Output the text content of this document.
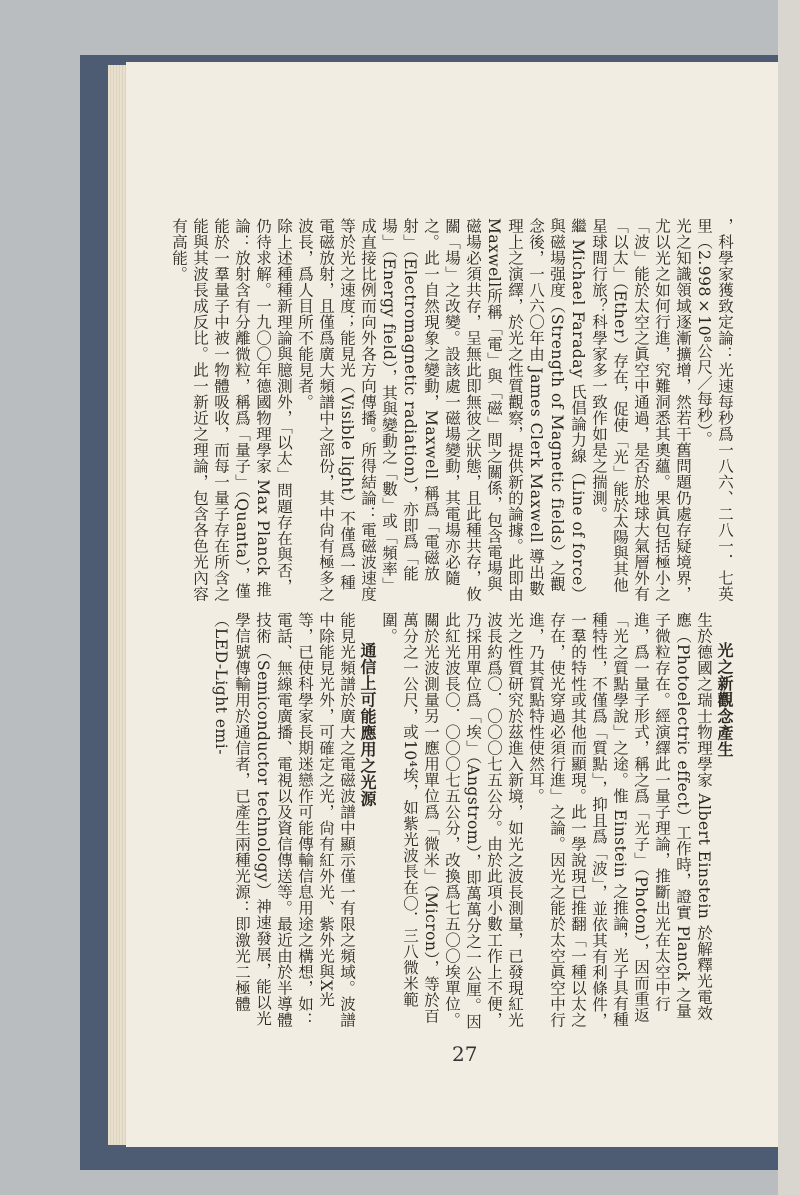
，科學家獲致定論：光速每秒爲一八六、二八一．七英里（2.998×10⁸公尺／每秒）。
光之知識領域逐漸擴增，然若干舊問題仍處存疑境界，尤以光之如何行進，究難洞悉其奧蘊。果眞包括極小之「波」能於太空之眞空中通過，是否於地球大氣層外有「以太」（Ether）存在，促使「光」能於太陽與其他星球間行旅？科學家多一致作如是之揣測。
繼 Michael Faraday 氏倡論力線（Line of force）與磁場强度（Strength of Magnetic fields）之觀念後，一八六〇年由 James Clerk Maxwell 導出數理上之演繹，於光之性質觀察，提供新的論據。此即由Maxwell所稱「電」與「磁」間之關係，包含電場與磁場必須共存，呈無此即無彼之狀態，且此種共存，攸關「場」之改變。設該處一磁場變動，其電場亦必隨之。此一自然現象之變動，Maxwell 稱爲「電磁放射」（Electromagnetic radiation），亦即爲「能場」（Energy field），其與變動之「數」或「頻率」成直接比例而向外各方向傳播。所得結論：電磁波速度等於光之速度；能見光（Visible light）不僅爲一種電磁放射，且僅爲廣大頻譜中之部份，其中尙有極多之波長，爲人目所不能見者。
除上述種種新理論與臆測外，「以太」問題存在與否，仍待求解。一九〇〇年德國物理學家 Max Planck 推論：放射含有分離微粒，稱爲「量子」（Quanta），僅能於一羣量子中被一物體吸收，而每一量子存在所含之能與其波長成反比。此一新近之理論，包含各色光內容有高能。
光之新觀念產生
生於德國之瑞士物理學家 Albert Einstein 於解釋光電效應（Photoelectric effect）工作時，證實 Planck 之量子微粒存在。經演繹此一量子理論，推斷出光在太空中行進，爲一量子形式，稱之爲「光子」（Photon），因而重返「光之質點學說」之途。惟 Einstein 之推論，光子具有種種特性，不僅爲「質點」，抑且爲「波」，並依其有利條件，一羣的特性或其他而顯現。此一學說現已推翻「一種以太之存在，使光穿過必須行進」之論。因光之能於太空眞空中行進，乃其質點特性使然耳。
光之性質研究於茲進入新境，如光之波長測量，已發現紅光波長約爲〇．〇〇〇七五公分。由於此項小數工作上不便，乃採用單位爲「埃」（Angstrom），即萬萬分之一公厘。因此紅光波長〇．〇〇〇七五公分，改換爲七五〇〇埃單位。關於光波測量另一應用單位爲「微米」（Micron），等於百萬分之一公尺，或10⁴埃，如紫光波長在〇．三八微米範圍。
通信上可能應用之光源
能見光頻譜於廣大之電磁波譜中顯示僅一有限之頻域。波譜中除能見光外，可確定之光，尙有紅外光、紫外光與X光等，已使科學家長期迷戀作可能傳輸信息用途之構想，如：電話、無線電廣播、電視以及資信傳送等。最近由於半導體技術（Semiconductor technology）神速發展，能以光學信號傳輸用於通信者，已產生兩種光源：即激光二極體（LED-Light emi-
27
